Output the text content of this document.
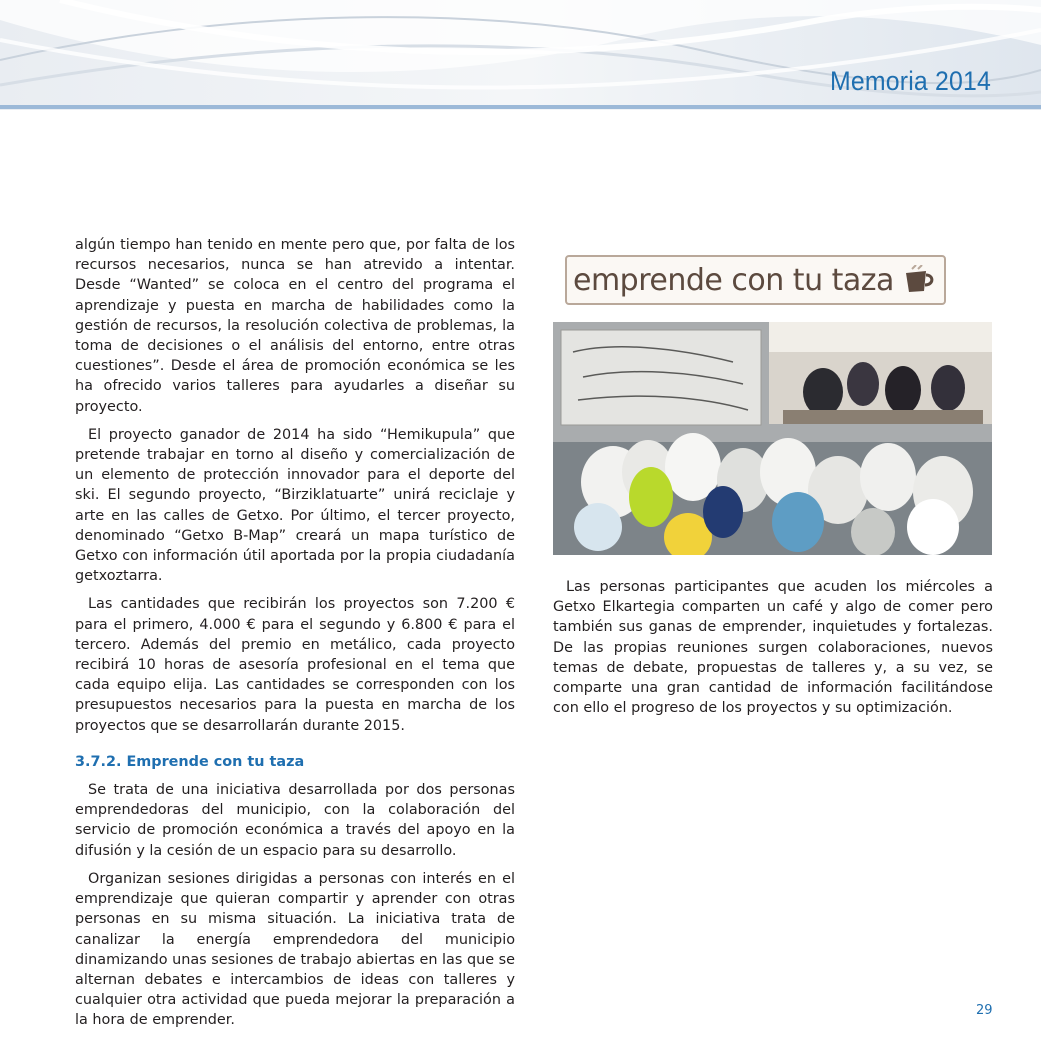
Memoria 2014

algún tiempo han tenido en mente pero que, por falta de los recursos necesarios, nunca se han atrevido a intentar. Desde “Wanted” se coloca en el centro del programa el aprendizaje y puesta en marcha de habilidades como la gestión de recursos, la resolución colectiva de problemas, la toma de decisiones o el análisis del entorno, entre otras cuestiones”. Desde el área de promoción económica se les ha ofrecido varios talleres para ayudarles a diseñar su proyecto.

El proyecto ganador de 2014 ha sido “Hemikupula” que pretende trabajar en torno al diseño y comercialización de un elemento de protección innovador para el deporte del ski. El segundo proyecto, “Birziklatuarte” unirá reciclaje y arte en las calles de Getxo. Por último, el tercer proyecto, denominado “Getxo B-Map” creará un mapa turístico de Getxo con información útil aportada por la propia ciudadanía getxoztarra.

Las cantidades que recibirán los proyectos son 7.200 € para el primero, 4.000 € para el segundo y 6.800 € para el tercero. Además del premio en metálico, cada proyecto recibirá 10 horas de asesoría profesional en el tema que cada equipo elija. Las cantidades se corresponden con los presupuestos necesarios para la puesta en marcha de los proyectos que se desarrollarán durante 2015.

3.7.2. Emprende con tu taza

Se trata de una iniciativa desarrollada por dos personas emprendedoras del municipio, con la colaboración del servicio de promoción económica a través del apoyo en la difusión y la cesión de un espacio para su desarrollo.

Organizan sesiones dirigidas a personas con interés en el emprendizaje que quieran compartir y aprender con otras personas en su misma situación. La iniciativa trata de canalizar la energía emprendedora del municipio dinamizando unas sesiones de trabajo abiertas en las que se alternan debates e intercambios de ideas con talleres y cualquier otra actividad que pueda mejorar la preparación a la hora de emprender.

emprende con tu taza

Las personas participantes que acuden los miércoles a Getxo Elkartegia comparten un café y algo de comer pero también sus ganas de emprender, inquietudes y fortalezas. De las propias reuniones surgen colaboraciones, nuevos temas de debate, propuestas de talleres y, a su vez, se comparte una gran cantidad de información facilitándose con ello el progreso de los proyectos y su optimización.

29
